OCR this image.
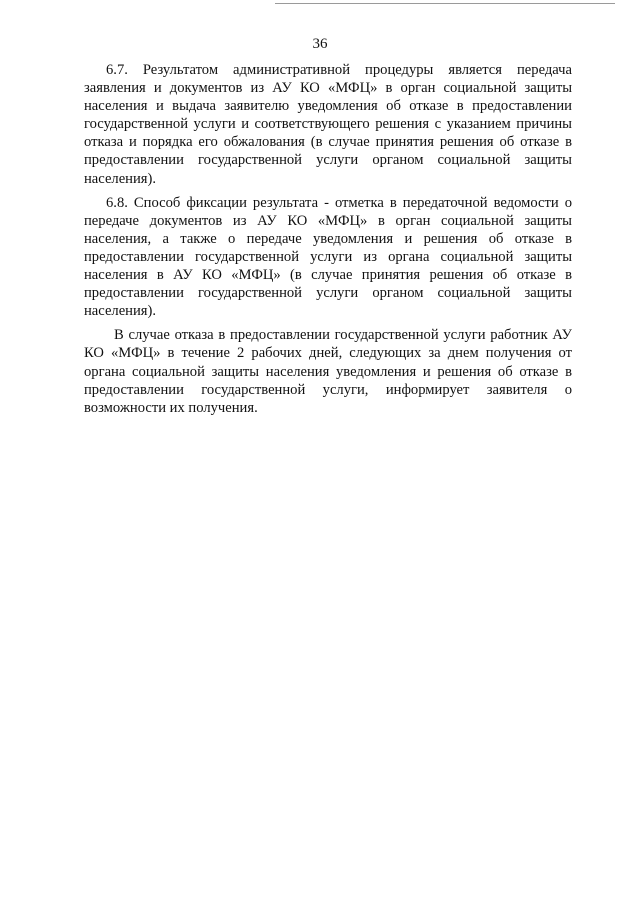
36

6.7. Результатом административной процедуры является передача заявления и документов из АУ КО «МФЦ» в орган социальной защиты населения и выдача заявителю уведомления об отказе в предоставлении государственной услуги и соответствующего решения с указанием причины отказа и порядка его обжалования (в случае принятия решения об отказе в предоставлении государственной услуги органом социальной защиты населения).

6.8. Способ фиксации результата - отметка в передаточной ведомости о передаче документов из АУ КО «МФЦ» в орган социальной защиты населения, а также о передаче уведомления и решения об отказе в предоставлении государственной услуги из органа социальной защиты населения в АУ КО «МФЦ» (в случае принятия решения об отказе в предоставлении государственной услуги органом социальной защиты населения).

В случае отказа в предоставлении государственной услуги работник АУ КО «МФЦ» в течение 2 рабочих дней, следующих за днем получения от органа социальной защиты населения уведомления и решения об отказе в предоставлении государственной услуги, информирует заявителя о возможности их получения.
